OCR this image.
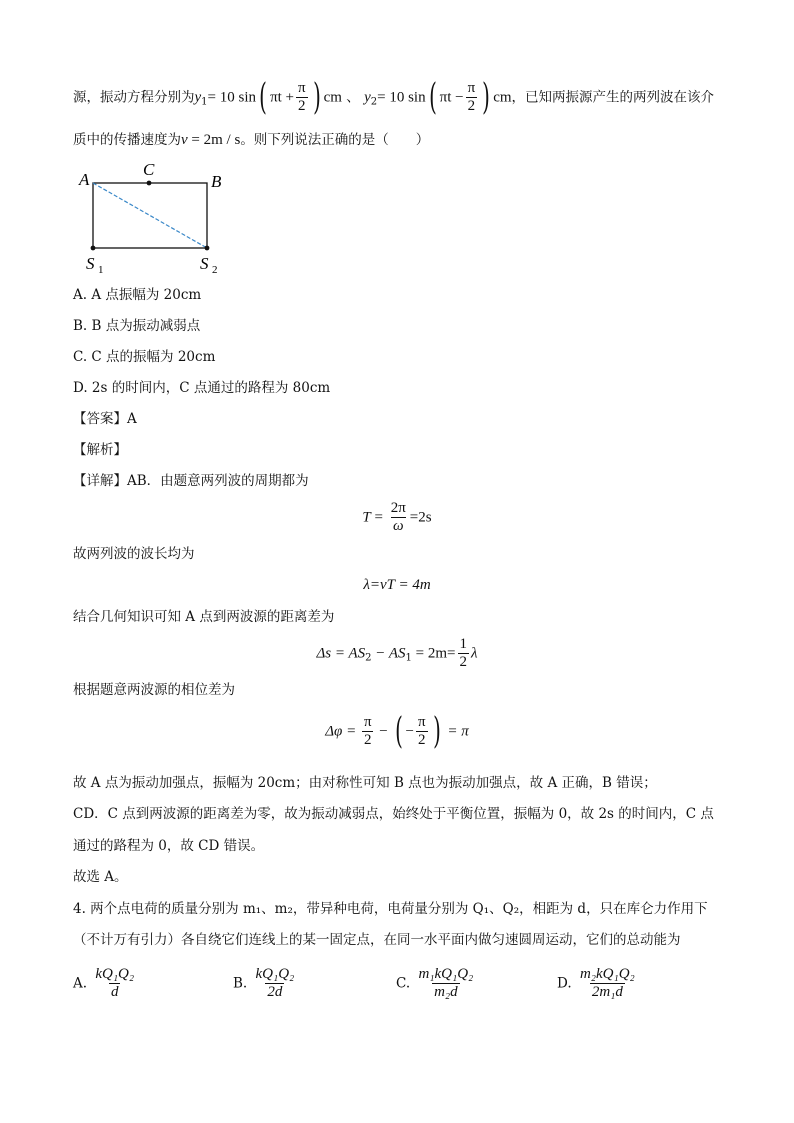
源，振动方程分别为$y_1= 10$ sin( $\pi t + \frac{\pi}{2}$ ) cm 、 $y_2= 10$ sin( $\pi t - \frac{\pi}{2}$ ) cm，已知两振源产生的两列波在该介
质中的传播速度为v = 2m / s。则下列说法正确的是（　　）
A
C
B
S 1	S 2
A. A 点振幅为 20cm
B. B 点为振动减弱点
C. C 点的振幅为 20cm
D. 2s 的时间内，C 点通过的路程为 80cm
【答案】A
【解析】
【详解】AB．由题意两列波的周期都为
$T = \frac{2\pi}{\omega} =2s$
故两列波的波长均为
λ=vT = 4m
结合几何知识可知 A 点到两波源的距离差为
$\Delta s = AS_2 - AS_1 = 2m= \frac{1}{2}$ λ
根据题意两波源的相位差为
$\Delta\varphi = \frac{\pi}{2}$ − ( − $\frac{\pi}{2}$ ) = π
故 A 点为振动加强点，振幅为 20cm；由对称性可知 B 点也为振动加强点，故 A 正确，B 错误；
CD．C 点到两波源的距离差为零，故为振动减弱点，始终处于平衡位置，振幅为 0，故 2s 的时间内，C 点
通过的路程为 0，故 CD 错误。
故选 A。
4. 两个点电荷的质量分别为 m₁、m₂，带异种电荷，电荷量分别为 Q₁、Q₂，相距为 d，只在库仑力作用下
（不计万有引力）各自绕它们连线上的某一固定点，在同一水平面内做匀速圆周运动，它们的总动能为
A. $\frac{\text{kQ₁Q₂}}{d}$	B. $\frac{\text{kQ₁Q₂}}{2d}$	C. $\frac{\text{m₁kQ₁Q₂}}{\text{m₂d}}$	D. $\frac{\text{m₂kQ₁Q₂}}{\text{2m₁d}}$
